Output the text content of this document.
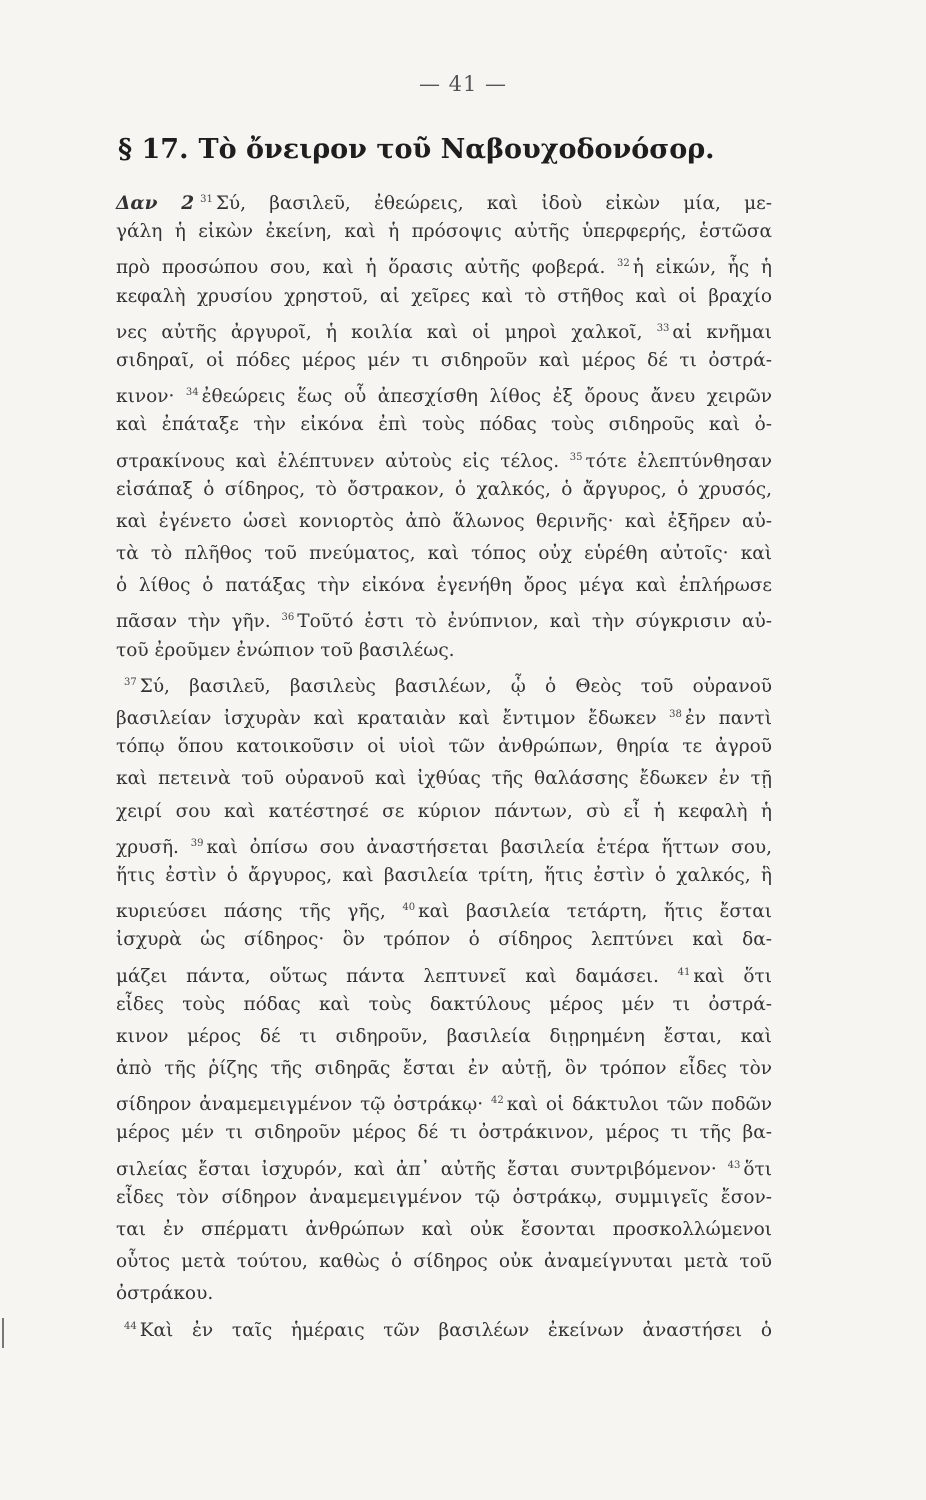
— 41 —
§ 17. Τὸ ὄνειρον τοῦ Ναβουχοδονόσορ.
Δαν 2 $^{31}$ Σύ, βασιλεῦ, ἐθεώρεις, καὶ ἰδοὺ εἰκὼν μία, με-
γάλη ἡ εἰκὼν ἐκείνη, καὶ ἡ πρόσοψις αὐτῆς ὑπερφερής, ἑστῶσα
πρὸ προσώπου σου, καὶ ἡ ὅρασις αὐτῆς φοβερά. $^{32}$ ἡ εἰκών, ἧς ἡ
κεφαλὴ χρυσίου χρηστοῦ, αἱ χεῖρες καὶ τὸ στῆθος καὶ οἱ βραχίο
νες αὐτῆς ἀργυροῖ, ἡ κοιλία καὶ οἱ μηροὶ χαλκοῖ, $^{33}$ αἱ κνῆμαι
σιδηραῖ, οἱ πόδες μέρος μέν τι σιδηροῦν καὶ μέρος δέ τι ὀστρά-
κινον· $^{34}$ ἐθεώρεις ἕως οὗ ἀπεσχίσθη λίθος ἐξ ὄρους ἄνευ χειρῶν
καὶ ἐπάταξε τὴν εἰκόνα ἐπὶ τοὺς πόδας τοὺς σιδηροῦς καὶ ὀ-
στρακίνους καὶ ἐλέπτυνεν αὐτοὺς εἰς τέλος. $^{35}$ τότε ἐλεπτύνθησαν
εἰσάπαξ ὁ σίδηρος, τὸ ὄστρακον, ὁ χαλκός, ὁ ἄργυρος, ὁ χρυσός,
καὶ ἐγένετο ὡσεὶ κονιορτὸς ἀπὸ ἅλωνος θερινῆς· καὶ ἐξῆρεν αὐ-
τὰ τὸ πλῆθος τοῦ πνεύματος, καὶ τόπος οὐχ εὑρέθη αὐτοῖς· καὶ
ὁ λίθος ὁ πατάξας τὴν εἰκόνα ἐγενήθη ὄρος μέγα καὶ ἐπλήρωσε
πᾶσαν τὴν γῆν. $^{36}$ Τοῦτό ἐστι τὸ ἐνύπνιον, καὶ τὴν σύγκρισιν αὐ-
τοῦ ἐροῦμεν ἐνώπιον τοῦ βασιλέως.
$^{37}$ Σύ, βασιλεῦ, βασιλεὺς βασιλέων, ᾧ ὁ Θεὸς τοῦ οὐρανοῦ
βασιλείαν ἰσχυρὰν καὶ κραταιὰν καὶ ἔντιμον ἔδωκεν $^{38}$ ἐν παντὶ
τόπῳ ὅπου κατοικοῦσιν οἱ υἱοὶ τῶν ἀνθρώπων, θηρία τε ἀγροῦ
καὶ πετεινὰ τοῦ οὐρανοῦ καὶ ἰχθύας τῆς θαλάσσης ἔδωκεν ἐν τῇ
χειρί σου καὶ κατέστησέ σε κύριον πάντων, σὺ εἶ ἡ κεφαλὴ ἡ
χρυσῆ. $^{39}$ καὶ ὀπίσω σου ἀναστήσεται βασιλεία ἑτέρα ἥττων σου,
ἥτις ἐστὶν ὁ ἄργυρος, καὶ βασιλεία τρίτη, ἥτις ἐστὶν ὁ χαλκός, ἣ
κυριεύσει πάσης τῆς γῆς, $^{40}$ καὶ βασιλεία τετάρτη, ἥτις ἔσται
ἰσχυρὰ ὡς σίδηρος· ὃν τρόπον ὁ σίδηρος λεπτύνει καὶ δα-
μάζει πάντα, οὕτως πάντα λεπτυνεῖ καὶ δαμάσει. $^{41}$ καὶ ὅτι
εἶδες τοὺς πόδας καὶ τοὺς δακτύλους μέρος μέν τι ὀστρά-
κινον μέρος δέ τι σιδηροῦν, βασιλεία διῃρημένη ἔσται, καὶ
ἀπὸ τῆς ῥίζης τῆς σιδηρᾶς ἔσται ἐν αὐτῇ, ὃν τρόπον εἶδες τὸν
σίδηρον ἀναμεμειγμένον τῷ ὀστράκῳ· $^{42}$ καὶ οἱ δάκτυλοι τῶν ποδῶν
μέρος μέν τι σιδηροῦν μέρος δέ τι ὀστράκινον, μέρος τι τῆς βα-
σιλείας ἔσται ἰσχυρόν, καὶ ἀπ᾽ αὐτῆς ἔσται συντριβόμενον· $^{43}$ ὅτι
εἶδες τὸν σίδηρον ἀναμεμειγμένον τῷ ὀστράκῳ, συμμιγεῖς ἔσον-
ται ἐν σπέρματι ἀνθρώπων καὶ οὐκ ἔσονται προσκολλώμενοι
οὗτος μετὰ τούτου, καθὼς ὁ σίδηρος οὐκ ἀναμείγνυται μετὰ τοῦ
ὀστράκου.
$^{44}$ Καὶ ἐν ταῖς ἡμέραις τῶν βασιλέων ἐκείνων ἀναστήσει ὁ
